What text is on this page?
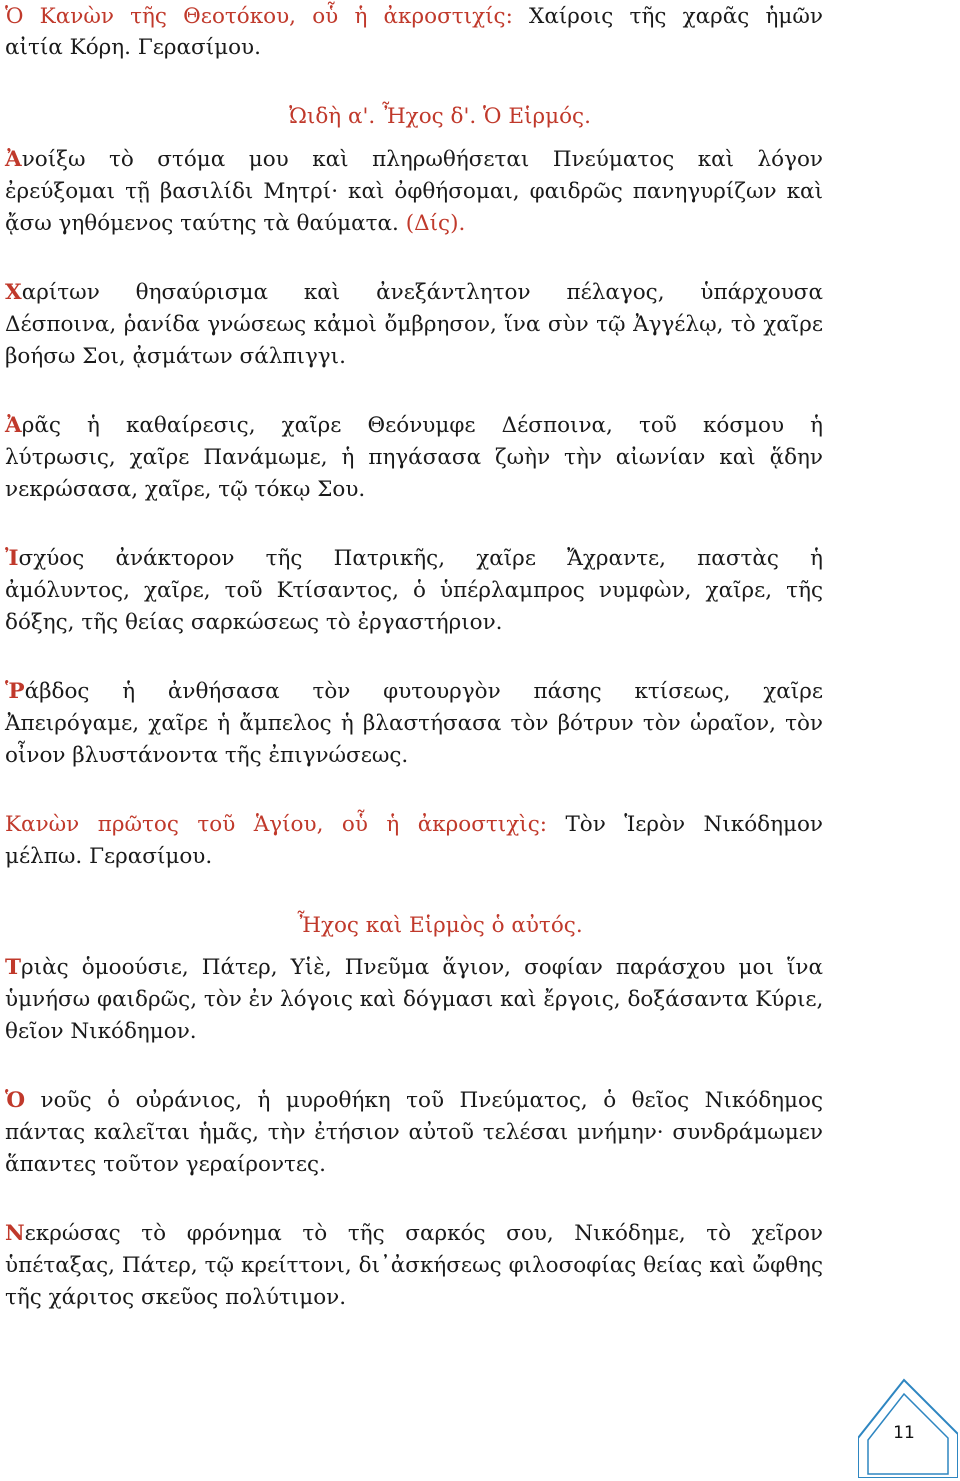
Ὁ Κανὼν τῆς Θεοτόκου, οὗ ἡ ἀκροστιχίς: Χαίροις τῆς χαρᾶς ἡμῶν

αἰτία Κόρη. Γερασίμου.

Ὠιδὴ α'. Ἦχος δ'. Ὁ Εἱρμός.

Ἀνοίξω τὸ στόμα μου καὶ πληρωθήσεται Πνεύματος καὶ λόγον

ἐρεύξομαι τῇ βασιλίδι Μητρί· καὶ ὀφθήσομαι, φαιδρῶς πανηγυρίζων καὶ

ᾄσω γηθόμενος ταύτης τὰ θαύματα. (Δίς).

Χαρίτων θησαύρισμα καὶ ἀνεξάντλητον πέλαγος, ὑπάρχουσα

Δέσποινα, ῥανίδα γνώσεως κἀμοὶ ὄμβρησον, ἵνα σὺν τῷ Ἀγγέλῳ, τὸ χαῖρε

βοήσω Σοι, ᾀσμάτων σάλπιγγι.

Ἀρᾶς ἡ καθαίρεσις, χαῖρε Θεόνυμφε Δέσποινα, τοῦ κόσμου ἡ

λύτρωσις, χαῖρε Πανάμωμε, ἡ πηγάσασα ζωὴν τὴν αἰωνίαν καὶ ᾅδην

νεκρώσασα, χαῖρε, τῷ τόκῳ Σου.

Ἰσχύος ἀνάκτορον τῆς Πατρικῆς, χαῖρε Ἄχραντε, παστὰς ἡ

ἀμόλυντος, χαῖρε, τοῦ Κτίσαντος, ὁ ὑπέρλαμπρος νυμφὼν, χαῖρε, τῆς

δόξης, τῆς θείας σαρκώσεως τὸ ἐργαστήριον.

Ῥάβδος ἡ ἀνθήσασα τὸν φυτουργὸν πάσης κτίσεως, χαῖρε

Ἀπειρόγαμε, χαῖρε ἡ ἄμπελος ἡ βλαστήσασα τὸν βότρυν τὸν ὡραῖον, τὸν

οἶνον βλυστάνοντα τῆς ἐπιγνώσεως.

Κανὼν πρῶτος τοῦ Ἁγίου, οὗ ἡ ἀκροστιχὶς: Τὸν Ἱερὸν Νικόδημον

μέλπω. Γερασίμου.

Ἦχος καὶ Εἱρμὸς ὁ αὐτός.

Τριὰς ὁμοούσιε, Πάτερ, Υἱὲ, Πνεῦμα ἅγιον, σοφίαν παράσχου μοι ἵνα

ὑμνήσω φαιδρῶς, τὸν ἐν λόγοις καὶ δόγμασι καὶ ἔργοις, δοξάσαντα Κύριε,

θεῖον Νικόδημον.

Ὁ νοῦς ὁ οὐράνιος, ἡ μυροθήκη τοῦ Πνεύματος, ὁ θεῖος Νικόδημος

πάντας καλεῖται ἡμᾶς, τὴν ἐτήσιον αὐτοῦ τελέσαι μνήμην· συνδράμωμεν

ἅπαντες τοῦτον γεραίροντες.

Νεκρώσας τὸ φρόνημα τὸ τῆς σαρκός σου, Νικόδημε, τὸ χεῖρον

ὑπέταξας, Πάτερ, τῷ κρείττονι, δι᾽ἀσκήσεως φιλοσοφίας θείας καὶ ὤφθης

τῆς χάριτος σκεῦος πολύτιμον.

11
